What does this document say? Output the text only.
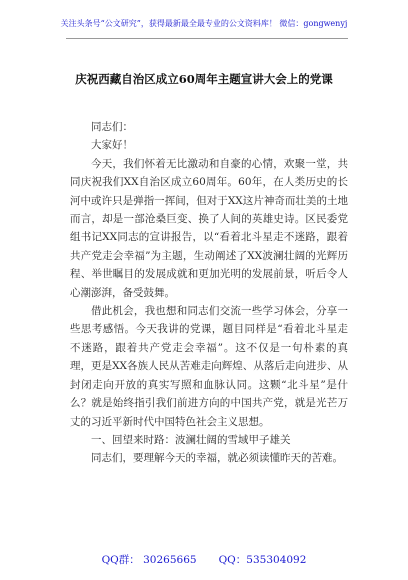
关注头条号“公文研究”，获得最新最全最专业的公文资料库！ 微信：gongwenyj
庆祝西藏自治区成立60周年主题宣讲大会上的党课

同志们：

大家好！

今天，我们怀着无比激动和自豪的心情，欢聚一堂，共同庆祝我们XX自治区成立60周年。60年，在人类历史的长河中或许只是弹指一挥间，但对于XX这片神奇而壮美的土地而言，却是一部沧桑巨变、换了人间的英雄史诗。区民委党组书记XX同志的宣讲报告，以“看着北斗星走不迷路，跟着共产党走会幸福”为主题，生动阐述了XX波澜壮阔的光辉历程、举世瞩目的发展成就和更加光明的发展前景，听后令人心潮澎湃，备受鼓舞。

借此机会，我也想和同志们交流一些学习体会，分享一些思考感悟。今天我讲的党课，题目同样是“看着北斗星走不迷路，跟着共产党走会幸福”。这不仅是一句朴素的真理，更是XX各族人民从苦难走向辉煌、从落后走向进步、从封闭走向开放的真实写照和血脉认同。这颗“北斗星”是什么？就是始终指引我们前进方向的中国共产党，就是光芒万丈的习近平新时代中国特色社会主义思想。

一、回望来时路：波澜壮阔的雪域甲子雄关

同志们，要理解今天的幸福，就必须读懂昨天的苦难。

QQ群： 30265665 QQ：535304092
